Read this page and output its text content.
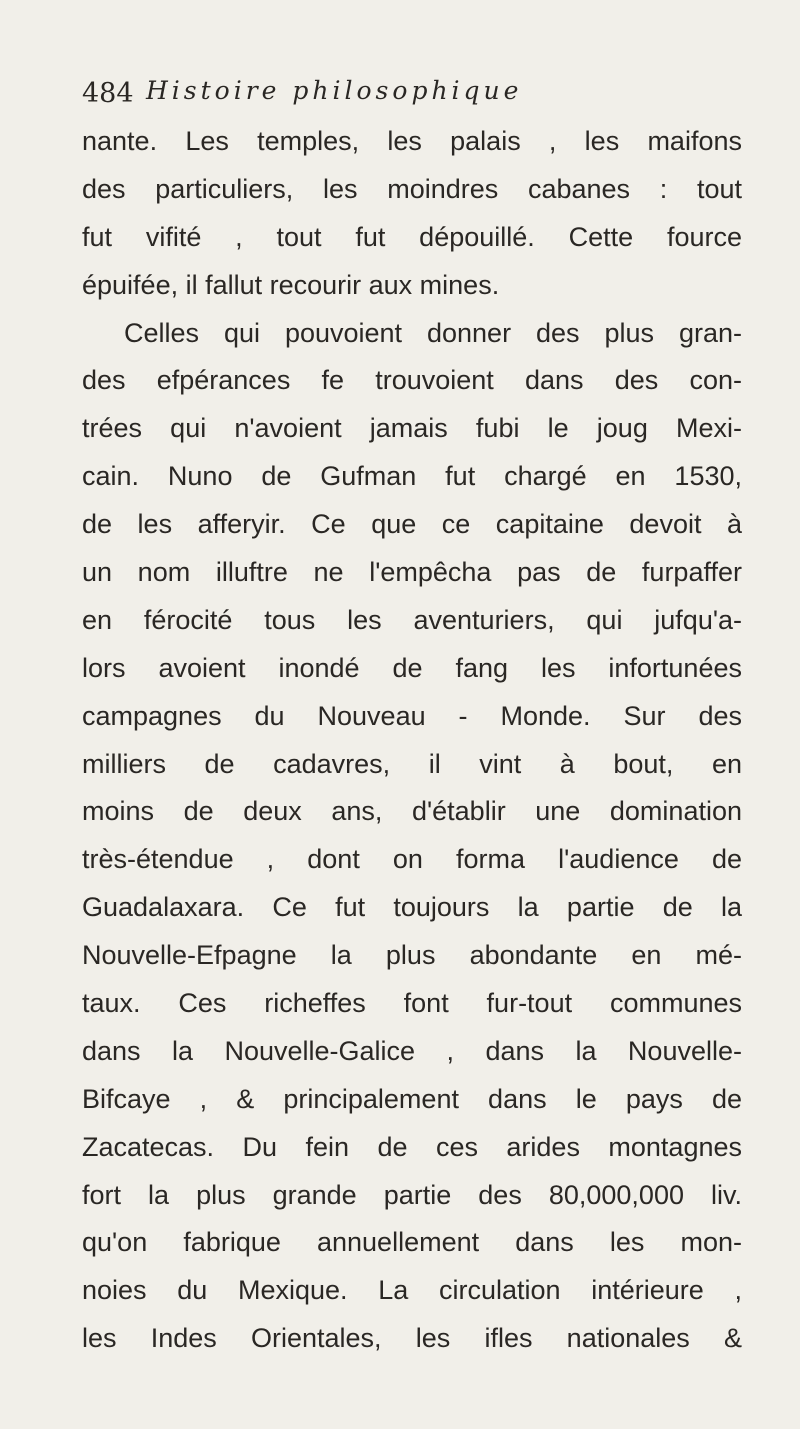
484 Histoire philosophique
nante. Les temples, les palais , les maifons
des particuliers, les moindres cabanes : tout
fut vifité , tout fut dépouillé. Cette fource
épuifée, il fallut recourir aux mines.
Celles qui pouvoient donner des plus gran-
des efpérances fe trouvoient dans des con-
trées qui n'avoient jamais fubi le joug Mexi-
cain. Nuno de Gufman fut chargé en 1530,
de les afferyir. Ce que ce capitaine devoit à
un nom illuftre ne l'empêcha pas de furpaffer
en férocité tous les aventuriers, qui jufqu'a-
lors avoient inondé de fang les infortunées
campagnes du Nouveau - Monde. Sur des
milliers de cadavres, il vint à bout, en
moins de deux ans, d'établir une domination
très-étendue , dont on forma l'audience de
Guadalaxara. Ce fut toujours la partie de la
Nouvelle-Efpagne la plus abondante en mé-
taux. Ces richeffes font fur-tout communes
dans la Nouvelle-Galice , dans la Nouvelle-
Bifcaye , & principalement dans le pays de
Zacatecas. Du fein de ces arides montagnes
fort la plus grande partie des 80,000,000 liv.
qu'on fabrique annuellement dans les mon-
noies du Mexique. La circulation intérieure ,
les Indes Orientales, les ifles nationales &
